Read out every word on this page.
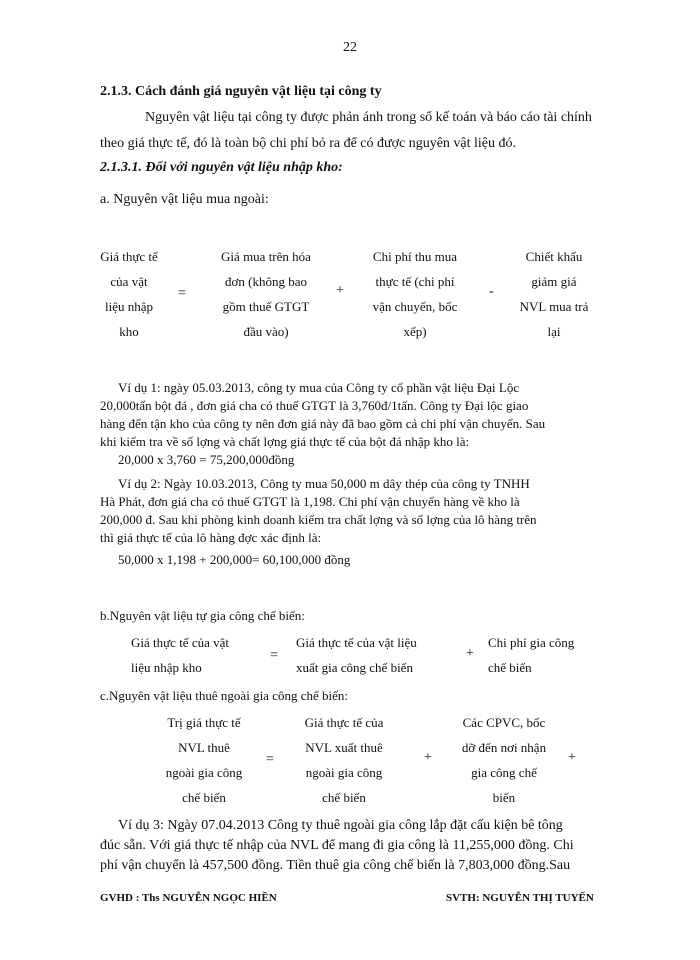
22
2.1.3. Cách đánh giá nguyên vật liệu tại công ty
Nguyên vật liệu tại công ty được phản ánh trong sổ kế toán và báo cáo tài chính
theo giá thực tế, đó là toàn bộ chi phí bỏ ra để có được nguyên vật liệu đó.
2.1.3.1. Đối với nguyên vật liệu nhập kho:
a. Nguyên vật liệu mua ngoài:
Giá thực tế
của vật
liệu nhập
kho
=
Giá mua trên hóa
đơn (không bao
gồm thuế GTGT
đầu vào)
+
Chi phí thu mua
thực tế (chi phí
vận chuyển, bốc
xếp)
-
Chiết khấu
giảm giá
NVL mua trả
lại
Ví dụ 1: ngày 05.03.2013, công ty mua của Công ty cổ phần vật liệu Đại Lộc
20,000tấn bột đá , đơn giá cha có thuế GTGT là 3,760đ/1tấn. Công ty Đại lộc giao
hàng đến tận kho của công ty nên đơn giá này đã bao gồm cả chi phí vận chuyển. Sau
khi kiểm tra về số lợng và chất lợng giá thực tế của bột đá nhập kho là:
20,000 x 3,760 = 75,200,000đồng
Ví dụ 2: Ngày 10.03.2013, Công ty mua 50,000 m dây thép của công ty TNHH
Hà Phát, đơn giá cha có thuế GTGT là 1,198. Chi phí vận chuyển hàng về kho là
200,000 đ. Sau khi phòng kinh doanh kiểm tra chất lợng và số lợng của lô hàng trên
thì giá thực tế của lô hàng đợc xác định là:
50,000 x 1,198 + 200,000= 60,100,000 đồng
b.Nguyên vật liệu tự gia công chế biến:
Giá thực tế của vật
liệu nhập kho
=
Giá thực tế của vật liệu
xuất gia công chế biến
+
Chi phí gia công
chế biến
c.Nguyên vật liệu thuê ngoài gia công chế biến:
Trị giá thực tế
NVL thuê
ngoài gia công
chế biến
=
Giá thực tế của
NVL xuất thuê
ngoài gia công
chế biến
+
Các CPVC, bốc
dỡ đến nơi nhận
gia công chế
biến
+
Ví dụ 3: Ngày 07.04.2013 Công ty thuê ngoài gia công lắp đặt cấu kiện bê tông
đúc sẵn. Với giá thực tế nhập của NVL để mang đi gia công là 11,255,000 đồng. Chi
phí vận chuyển là 457,500 đồng. Tiền thuê gia công chế biến là 7,803,000 đồng.Sau
GVHD : Ths NGUYỄN NGỌC HIỀN	SVTH: NGUYỄN THỊ TUYẾN
